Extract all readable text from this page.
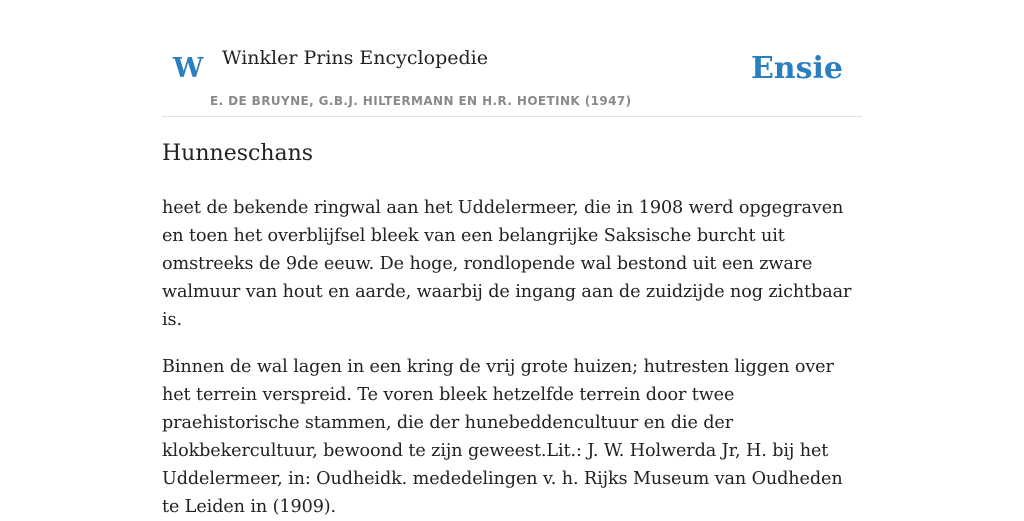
W Winkler Prins Encyclopedie
E. DE BRUYNE, G.B.J. HILTERMANN EN H.R. HOETINK (1947)
Ensie
Hunneschans

heet de bekende ringwal aan het Uddelermeer, die in 1908 werd opgegraven en toen het overblijfsel bleek van een belangrijke Saksische burcht uit omstreeks de 9de eeuw. De hoge, rondlopende wal bestond uit een zware walmuur van hout en aarde, waarbij de ingang aan de zuidzijde nog zichtbaar is.

Binnen de wal lagen in een kring de vrij grote huizen; hutresten liggen over het terrein verspreid. Te voren bleek hetzelfde terrein door twee praehistorische stammen, die der hunebeddencultuur en die der klokbekercultuur, bewoond te zijn geweest.Lit.: J. W. Holwerda Jr, H. bij het Uddelermeer, in: Oudheidk. mededelingen v. h. Rijks Museum van Oudheden te Leiden in (1909).
